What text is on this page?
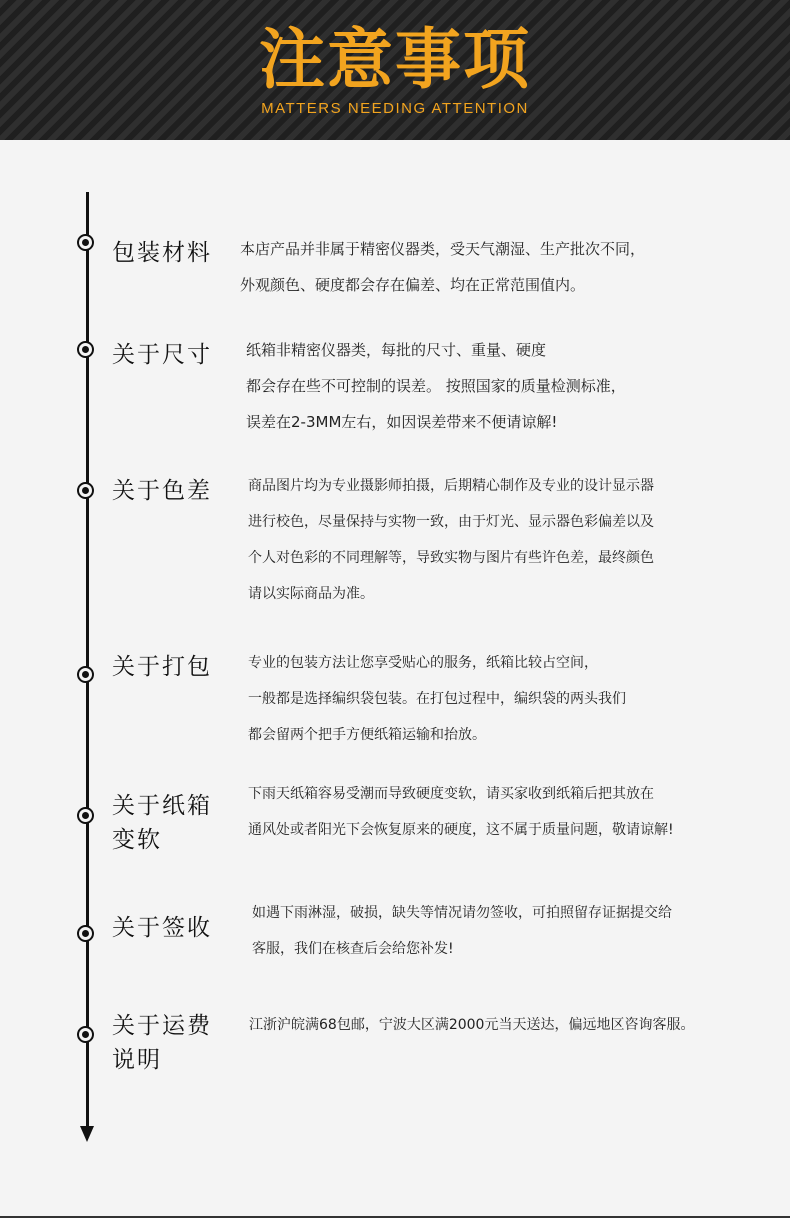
注意事项
MATTERS NEEDING ATTENTION
包装材料 本店产品并非属于精密仪器类，受天气潮湿、生产批次不同，
外观颜色、硬度都会存在偏差、均在正常范围值内。
关于尺寸 纸箱非精密仪器类，每批的尺寸、重量、硬度
都会存在些不可控制的误差。 按照国家的质量检测标准，
误差在2-3MM左右，如因误差带来不便请谅解!
关于色差	商品图片均为专业摄影师拍摄，后期精心制作及专业的设计显示器
进行校色，尽量保持与实物一致，由于灯光、显示器色彩偏差以及
个人对色彩的不同理解等，导致实物与图片有些许色差，最终颜色
请以实际商品为准。
关于打包	专业的包装方法让您享受贴心的服务，纸箱比较占空间，
一般都是选择编织袋包装。在打包过程中，编织袋的两头我们
都会留两个把手方便纸箱运输和抬放。
关于纸箱
变软
下雨天纸箱容易受潮而导致硬度变软，请买家收到纸箱后把其放在
通风处或者阳光下会恢复原来的硬度，这不属于质量问题，敬请谅解!
关于签收
如遇下雨淋湿，破损，缺失等情况请勿签收，可拍照留存证据提交给
客服，我们在核查后会给您补发!
关于运费
说明
江浙沪皖满68包邮，宁波大区满2000元当天送达，偏远地区咨询客服。
